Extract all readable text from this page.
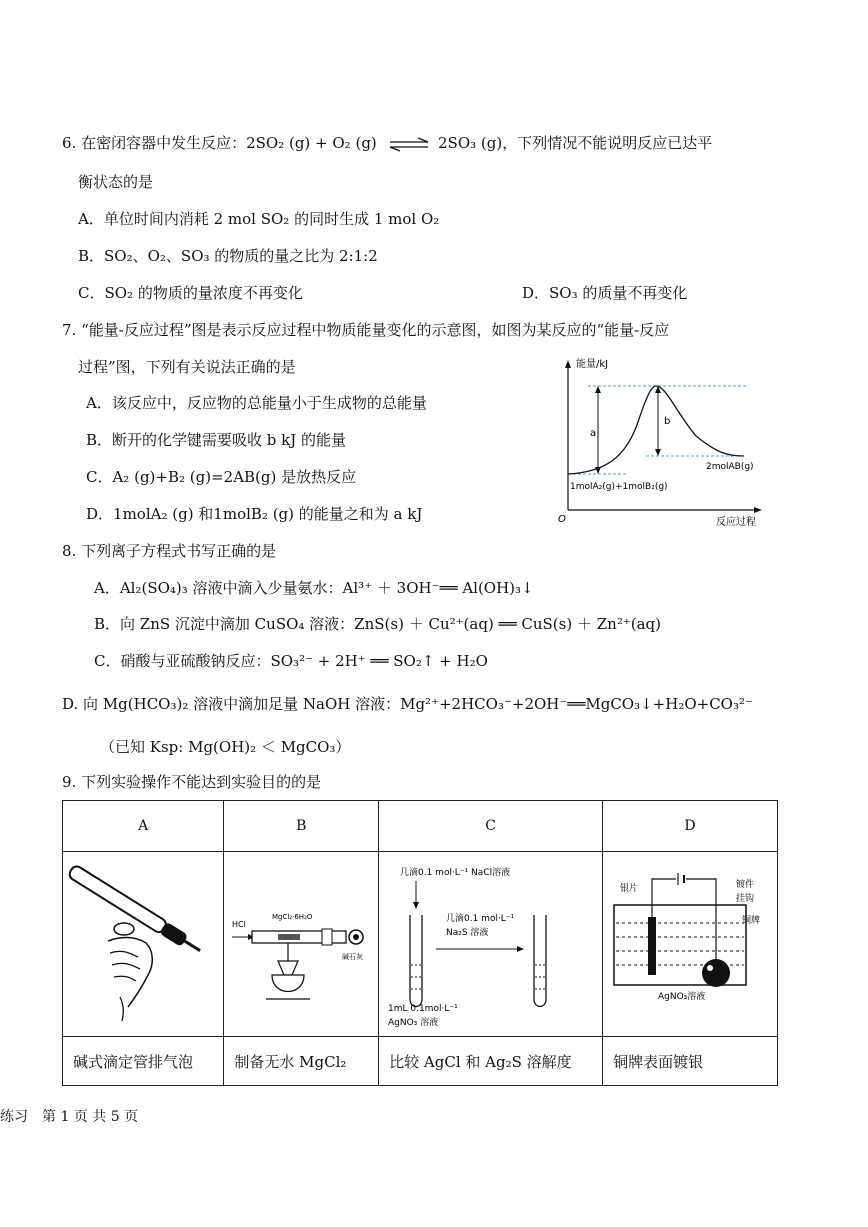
6. 在密闭容器中发生反应：2SO₂ (g) + O₂ (g) ⇌ 2SO₃ (g)，下列情况不能说明反应已达平
衡状态的是
A．单位时间内消耗 2 mol SO₂ 的同时生成 1 mol O₂
B．SO₂、O₂、SO₃ 的物质的量之比为 2:1:2
C．SO₂ 的物质的量浓度不再变化	D．SO₃ 的质量不再变化
7. “能量-反应过程”图是表示反应过程中物质能量变化的示意图，如图为某反应的“能量-反应
过程”图，下列有关说法正确的是
A．该反应中，反应物的总能量小于生成物的总能量
B．断开的化学键需要吸收 b kJ 的能量
C．A₂ (g)+B₂ (g)=2AB(g) 是放热反应
D．1molA₂ (g) 和1molB₂ (g) 的能量之和为 a kJ
能量/kJ
反应过程
O
a
b
1molA₂(g)+1molB₂(g)
2molAB(g)
8. 下列离子方程式书写正确的是
A．Al₂(SO₄)₃ 溶液中滴入少量氨水：Al³⁺ ＋ 3OH⁻══ Al(OH)₃↓
B．向 ZnS 沉淀中滴加 CuSO₄ 溶液：ZnS(s) ＋ Cu²⁺(aq) ══ CuS(s) ＋ Zn²⁺(aq)
C．硝酸与亚硫酸钠反应：SO₃²⁻ + 2H⁺ ══ SO₂↑ + H₂O
D. 向 Mg(HCO₃)₂ 溶液中滴加足量 NaOH 溶液：Mg²⁺+2HCO₃⁻+2OH⁻══MgCO₃↓+H₂O+CO₃²⁻
（已知 Ksp: Mg(OH)₂ ＜ MgCO₃）
9. 下列实验操作不能达到实验目的的是
A	B	C	D

HCl
MgCl₂·6H₂O
碱石灰	几滴0.1 mol·L⁻¹ NaCl溶液
几滴0.1 mol·L⁻¹
Na₂S 溶液
1mL 0.1mol·L⁻¹
AgNO₃ 溶液	银片 镀件
挂钩
铜牌
AgNO₃溶液

碱式滴定管排气泡	制备无水 MgCl₂	比较 AgCl 和 Ag₂S 溶解度	铜牌表面镀银
练习　第 1 页 共 5 页
